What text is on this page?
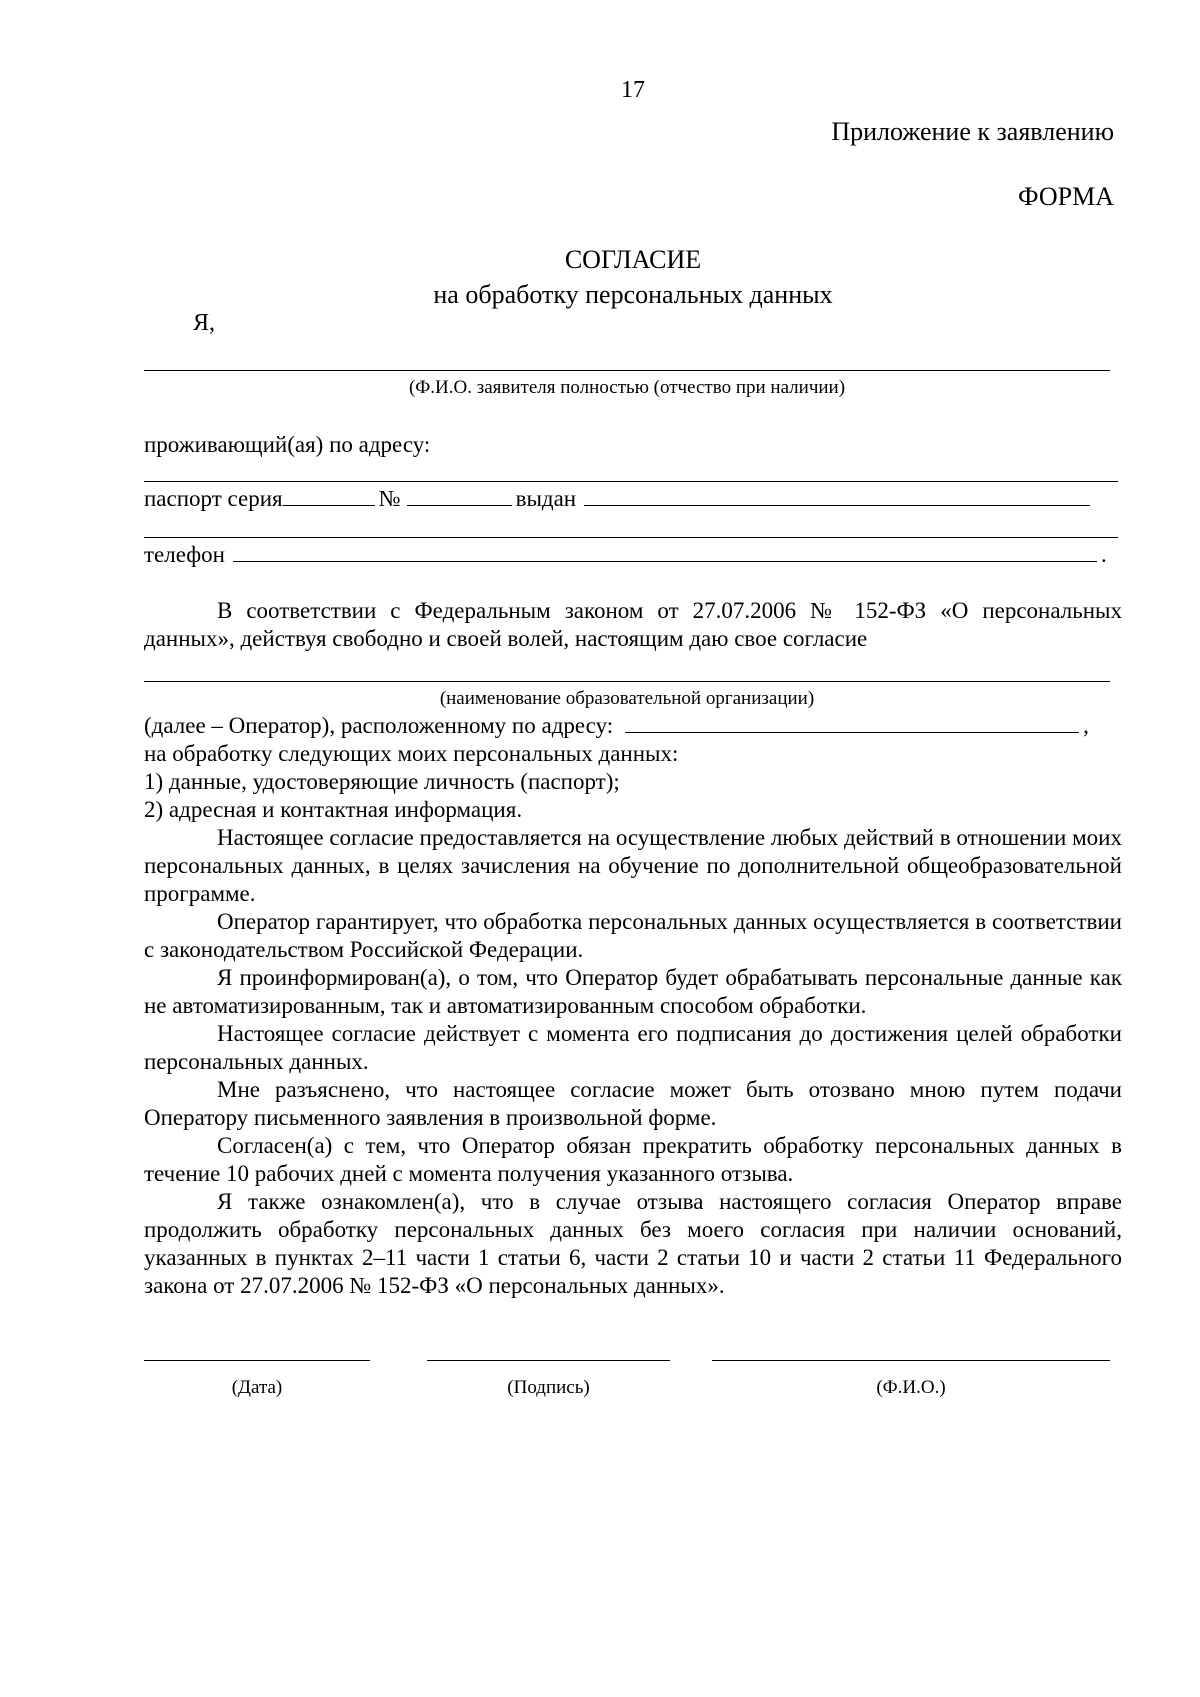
17
Приложение к заявлению
ФОРМА
СОГЛАСИЕ
на обработку персональных данных
Я,
(Ф.И.О. заявителя полностью (отчество при наличии)
проживающий(ая) по адресу:
паспорт серия	№	выдан
телефон	.
В соответствии с Федеральным законом от 27.07.2006 № 152-ФЗ «О персональных данных», действуя свободно и своей волей, настоящим даю свое согласие
(наименование образовательной организации)
(далее – Оператор), расположенному по адресу:	,
на обработку следующих моих персональных данных:
1) данные, удостоверяющие личность (паспорт);
2) адресная и контактная информация.
Настоящее согласие предоставляется на осуществление любых действий в отношении моих персональных данных, в целях зачисления на обучение по дополнительной общеобразовательной программе.
Оператор гарантирует, что обработка персональных данных осуществляется в соответствии с законодательством Российской Федерации.
Я проинформирован(а), о том, что Оператор будет обрабатывать персональные данные как не автоматизированным, так и автоматизированным способом обработки.
Настоящее согласие действует с момента его подписания до достижения целей обработки персональных данных.
Мне разъяснено, что настоящее согласие может быть отозвано мною путем подачи Оператору письменного заявления в произвольной форме.
Согласен(а) с тем, что Оператор обязан прекратить обработку персональных данных в течение 10 рабочих дней с момента получения указанного отзыва.
Я также ознакомлен(а), что в случае отзыва настоящего согласия Оператор вправе продолжить обработку персональных данных без моего согласия при наличии оснований, указанных в пунктах 2–11 части 1 статьи 6, части 2 статьи 10 и части 2 статьи 11 Федерального закона от 27.07.2006 № 152-ФЗ «О персональных данных».
(Дата)	(Подпись)	(Ф.И.О.)
